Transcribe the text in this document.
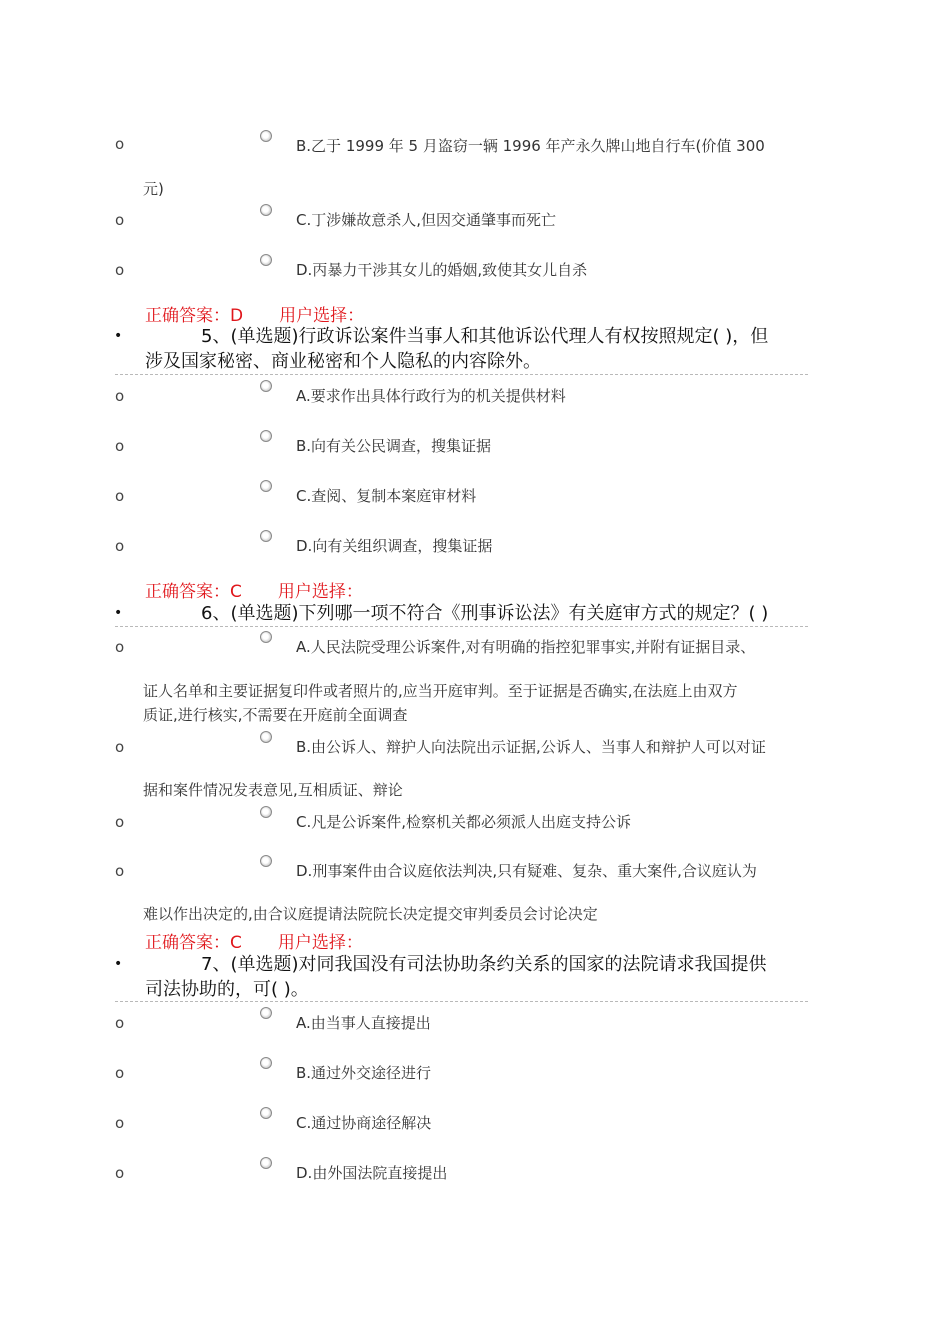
o	B.乙于 1999 年 5 月盗窃一辆 1996 年产永久牌山地自行车(价值 300
元)
o	C.丁涉嫌故意杀人,但因交通肇事而死亡
o	D.丙暴力干涉其女儿的婚姻,致使其女儿自杀
正确答案：D 用户选择：
•	5、(单选题)行政诉讼案件当事人和其他诉讼代理人有权按照规定( )，但
涉及国家秘密、商业秘密和个人隐私的内容除外。
o	A.要求作出具体行政行为的机关提供材料
o	B.向有关公民调查，搜集证据
o	C.查阅、复制本案庭审材料
o	D.向有关组织调查，搜集证据
正确答案：C 用户选择：
•	6、(单选题)下列哪一项不符合《刑事诉讼法》有关庭审方式的规定？( )
o	A.人民法院受理公诉案件,对有明确的指控犯罪事实,并附有证据目录、
证人名单和主要证据复印件或者照片的,应当开庭审判。至于证据是否确实,在法庭上由双方
质证,进行核实,不需要在开庭前全面调查
o	B.由公诉人、辩护人向法院出示证据,公诉人、当事人和辩护人可以对证
据和案件情况发表意见,互相质证、辩论
o	C.凡是公诉案件,检察机关都必须派人出庭支持公诉
o	D.刑事案件由合议庭依法判决,只有疑难、复杂、重大案件,合议庭认为
难以作出决定的,由合议庭提请法院院长决定提交审判委员会讨论决定
正确答案：C 用户选择：
•	7、(单选题)对同我国没有司法协助条约关系的国家的法院请求我国提供
司法协助的，可( )。
o	A.由当事人直接提出
o	B.通过外交途径进行
o	C.通过协商途径解决
o	D.由外国法院直接提出
